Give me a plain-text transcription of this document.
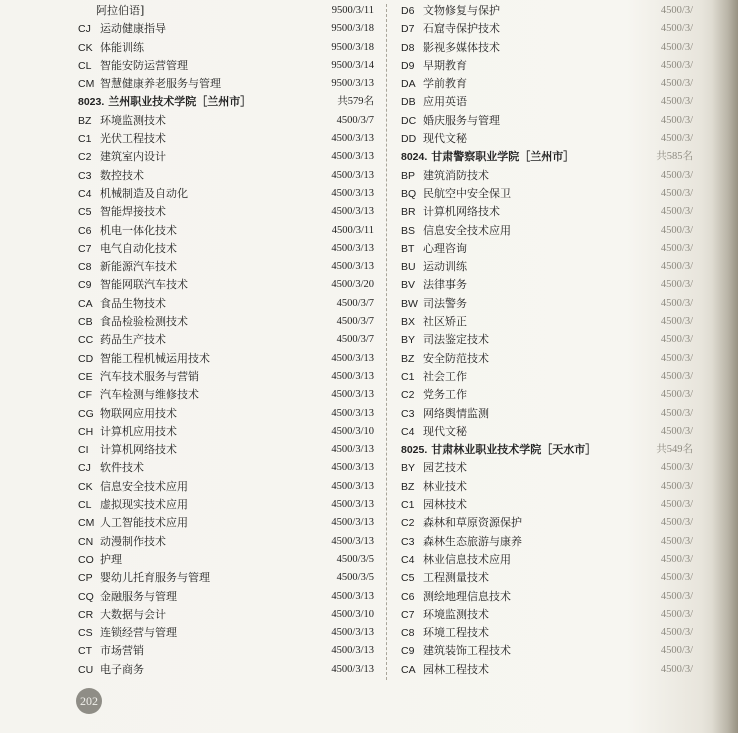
阿拉伯语]	9500/3/11
CJ 运动健康指导	9500/3/18
CK 体能训练	9500/3/18
CL 智能安防运营管理	9500/3/14
CM 智慧健康养老服务与管理	9500/3/13
8023. 兰州职业技术学院［兰州市］	共579名
BZ 环境监测技术	4500/3/7
C1 光伏工程技术	4500/3/13
C2 建筑室内设计	4500/3/13
C3 数控技术	4500/3/13
C4 机械制造及自动化	4500/3/13
C5 智能焊接技术	4500/3/13
C6 机电一体化技术	4500/3/11
C7 电气自动化技术	4500/3/13
C8 新能源汽车技术	4500/3/13
C9 智能网联汽车技术	4500/3/20
CA 食品生物技术	4500/3/7
CB 食品检验检测技术	4500/3/7
CC 药品生产技术	4500/3/7
CD 智能工程机械运用技术	4500/3/13
CE 汽车技术服务与营销	4500/3/13
CF 汽车检测与维修技术	4500/3/13
CG 物联网应用技术	4500/3/13
CH 计算机应用技术	4500/3/10
CI 计算机网络技术	4500/3/13
CJ 软件技术	4500/3/13
CK 信息安全技术应用	4500/3/13
CL 虚拟现实技术应用	4500/3/13
CM 人工智能技术应用	4500/3/13
CN 动漫制作技术	4500/3/13
CO 护理	4500/3/5
CP 婴幼儿托育服务与管理	4500/3/5
CQ 金融服务与管理	4500/3/13
CR 大数据与会计	4500/3/10
CS 连锁经营与管理	4500/3/13
CT 市场营销	4500/3/13
CU 电子商务	4500/3/13
D6 文物修复与保护	4500/3/
D7 石窟寺保护技术	4500/3/
D8 影视多媒体技术	4500/3/
D9 早期教育	4500/3/
DA 学前教育	4500/3/
DB 应用英语	4500/3/
DC 婚庆服务与管理	4500/3/
DD 现代文秘	4500/3/
8024. 甘肃警察职业学院［兰州市］	共585名
BP 建筑消防技术	4500/3/
BQ 民航空中安全保卫	4500/3/
BR 计算机网络技术	4500/3/
BS 信息安全技术应用	4500/3/
BT 心理咨询	4500/3/
BU 运动训练	4500/3/
BV 法律事务	4500/3/
BW 司法警务	4500/3/
BX 社区矫正	4500/3/
BY 司法鉴定技术	4500/3/
BZ 安全防范技术	4500/3/
C1 社会工作	4500/3/
C2 党务工作	4500/3/
C3 网络舆情监测	4500/3/
C4 现代文秘	4500/3/
8025. 甘肃林业职业技术学院［天水市］	共549名
BY 园艺技术	4500/3/
BZ 林业技术	4500/3/
C1 园林技术	4500/3/
C2 森林和草原资源保护	4500/3/
C3 森林生态旅游与康养	4500/3/
C4 林业信息技术应用	4500/3/
C5 工程测量技术	4500/3/
C6 测绘地理信息技术	4500/3/
C7 环境监测技术	4500/3/
C8 环境工程技术	4500/3/
C9 建筑装饰工程技术	4500/3/
CA 园林工程技术	4500/3/
202
